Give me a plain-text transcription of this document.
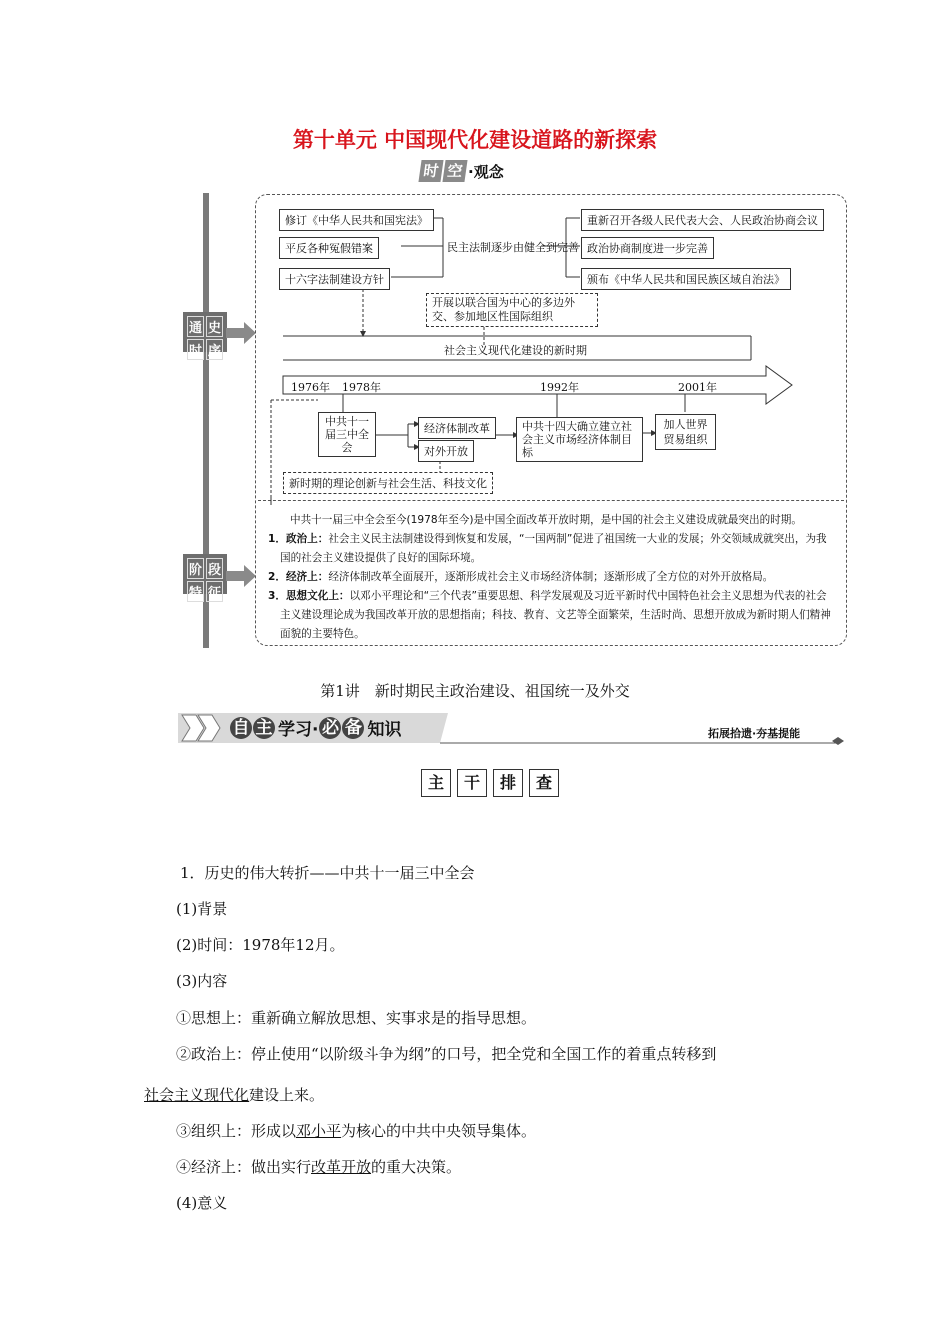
第十单元 中国现代化建设道路的新探索
时 空 ·观念
通 史
时 序
阶 段
特 征
修订《中华人民共和国宪法》
平反各种冤假错案
十六字法制建设方针
民主法制逐步由健全到完善
重新召开各级人民代表大会、人民政治协商会议
政治协商制度进一步完善
颁布《中华人民共和国民族区域自治法》
开展以联合国为中心的多边外交、参加地区性国际组织
社会主义现代化建设的新时期
1976年 1978年	1992年	2001年
中共十一届三中全会
经济体制改革
对外开放
中共十四大确立建立社会主义市场经济体制目标
加人世界贸易组织
新时期的理论创新与社会生活、科技文化
中共十一届三中全会至今(1978年至今)是中国全面改革开放时期，是中国的社会主义建设成就最突出的时期。
1．政治上：社会主义民主法制建设得到恢复和发展，“一国两制”促进了祖国统一大业的发展；外交领域成就突出，为我国的社会主义建设提供了良好的国际环境。
2．经济上：经济体制改革全面展开，逐渐形成社会主义市场经济体制；逐渐形成了全方位的对外开放格局。
3．思想文化上：以邓小平理论和“三个代表”重要思想、科学发展观及习近平新时代中国特色社会主义思想为代表的社会主义建设理论成为我国改革开放的思想指南；科技、教育、文艺等全面繁荣，生活时尚、思想开放成为新时期人们精神面貌的主要特色。
第1讲　新时期民主政治建设、祖国统一及外交
自 主 学习· 必 备 知识	拓展拾遗·夯基提能
主	干	排	查
1．历史的伟大转折——中共十一届三中全会
(1)背景
(2)时间：1978年12月。
(3)内容
①思想上：重新确立解放思想、实事求是的指导思想。
②政治上：停止使用“以阶级斗争为纲”的口号，把全党和全国工作的着重点转移到
社会主义现代化建设上来。
③组织上：形成以邓小平为核心的中共中央领导集体。
④经济上：做出实行改革开放的重大决策。
(4)意义
